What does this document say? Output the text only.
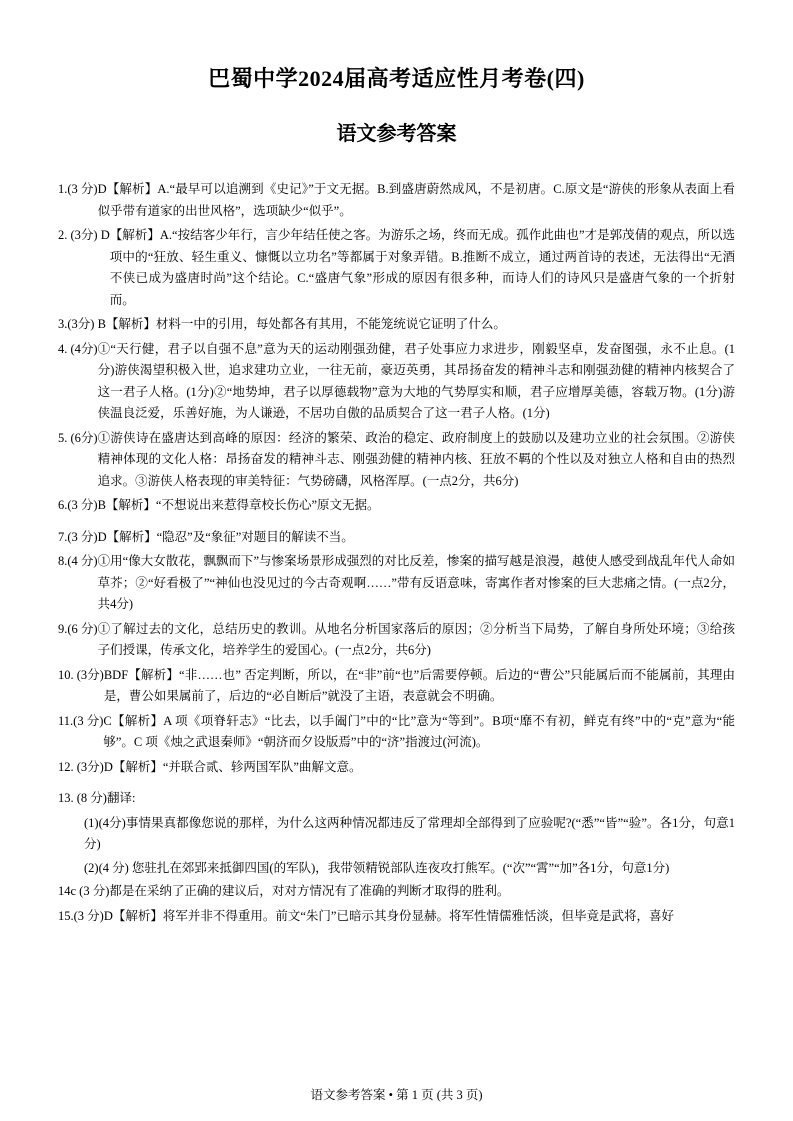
巴蜀中学2024届高考适应性月考卷(四)
语文参考答案
1.(3 分) D【解析】A.“最早可以追溯到《史记》”于文无据。B.到盛唐蔚然成风，不是初唐。C.原文是“游侠的形象从表面上看似乎带有道家的出世风格”，选项缺少“似乎”。
2. (3分) D 【解析】A.“按结客少年行，言少年结任使之客。为游乐之场，终而无成。孤作此曲也”才是郭茂倩的观点，所以选项中的“狂放、轻生重义、慷慨以立功名”等都属于对象弄错。B.推断不成立，通过两首诗的表述，无法得出“无酒不侠已成为盛唐时尚”这个结论。C.“盛唐气象”形成的原因有很多种，而诗人们的诗风只是盛唐气象的一个折射而。
3.(3分) B 【解析】材料一中的引用，每处都各有其用，不能笼统说它证明了什么。
4. (4分) ①“天行健，君子以自强不息”意为天的运动刚强劲健，君子处事应力求进步，刚毅坚卓，发奋图强，永不止息。(1分)游侠渴望积极入世，追求建功立业，一往无前，豪迈英勇，其昂扬奋发的精神斗志和刚强劲健的精神内核契合了这一君子人格。(1分)②“地势坤，君子以厚德载物”意为大地的气势厚实和顺，君子应增厚美德，容载万物。(1分)游侠温良泛爱，乐善好施，为人谦逊，不居功自傲的品质契合了这一君子人格。(1分)
5. (6分) ①游侠诗在盛唐达到高峰的原因：经济的繁荣、政治的稳定、政府制度上的鼓励以及建功立业的社会氛围。②游侠精神体现的文化人格：昂扬奋发的精神斗志、刚强劲健的精神内核、狂放不羁的个性以及对独立人格和自由的热烈追求。③游侠人格表现的审美特征：气势磅礴，风格浑厚。(一点2分，共6分)
6.(3 分) B【解析】“不想说出来惹得章校长伤心”原文无据。
7.(3 分) D【解析】“隐忍”及“象征”对题目的解读不当。
8.(4 分) ①用“像大女散花，飘飘而下”与惨案场景形成强烈的对比反差，惨案的描写越是浪漫，越使人感受到战乱年代人命如草芥；②“好看极了”“神仙也没见过的今古奇观啊……”带有反语意味，寄寓作者对惨案的巨大悲痛之情。(一点2分，共4分)
9.(6 分) ①了解过去的文化，总结历史的教训。从地名分析国家落后的原因；②分析当下局势，了解自身所处环境；③给孩子们授课，传承文化，培养学生的爱国心。(一点2分，共6分)
10. (3分) BDF【解析】“非……也” 否定判断，所以，在“非”前“也”后需要停顿。后边的“曹公”只能属后而不能属前，其理由是，曹公如果属前了，后边的“必自断后”就没了主语，表意就会不明确。
11.(3 分) C【解析】A 项《项脊轩志》“比去，以手阖门”中的“比”意为“等到”。B项“靡不有初，鲜克有终”中的“克”意为“能够”。C 项《烛之武退秦师》“朝济而夕设版焉”中的“济”指渡过(河流)。
12. (3分) D【解析】“并联合贰、轸两国军队”曲解文意。
13. (8 分) 翻译:
(1)(4分)事情果真都像您说的那样，为什么这两种情况都违反了常理却全部得到了应验呢?(“悉”“皆”“验”。各1分，句意1分)
(2)(4 分) 您驻扎在郊郢来抵御四国(的军队)，我带领精锐部队连夜攻打熊军。(“次”“霄”“加”各1分，句意1分)
14c (3 分) 都是在采纳了正确的建议后，对对方情况有了准确的判断才取得的胜利。
15.(3 分) D【解析】将军并非不得重用。前文“朱门”已暗示其身份显赫。将军性情儒雅恬淡，但毕竟是武将，喜好
语文参考答案 • 第 1 页 (共 3 页)
